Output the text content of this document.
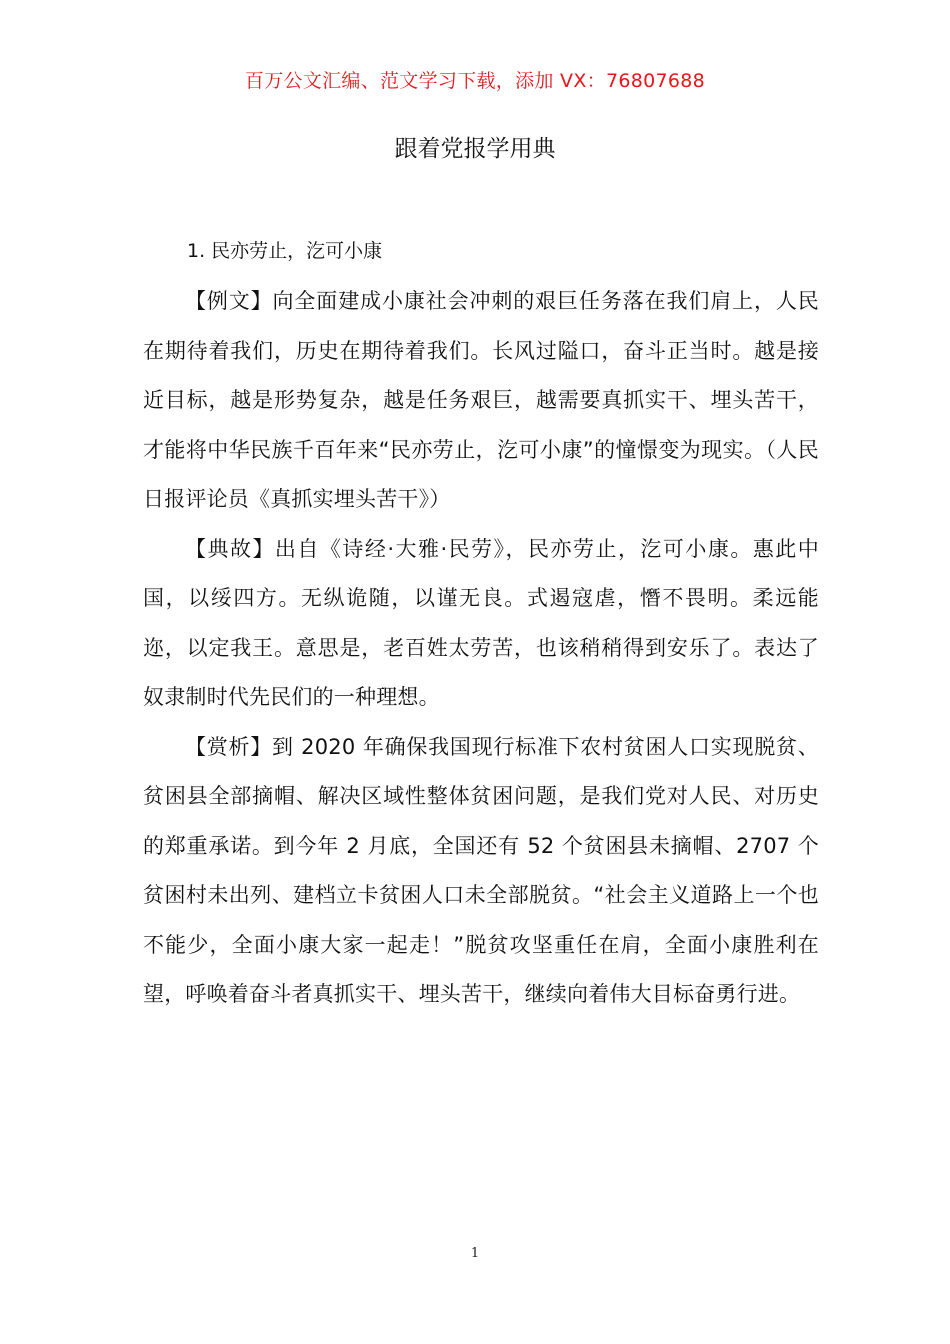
百万公文汇编、范文学习下载，添加 VX：76807688
跟着党报学用典
1. 民亦劳止，汔可小康

【例文】向全面建成小康社会冲刺的艰巨任务落在我们肩上，人民在期待着我们，历史在期待着我们。长风过隘口，奋斗正当时。越是接近目标，越是形势复杂，越是任务艰巨，越需要真抓实干、埋头苦干，才能将中华民族千百年来“民亦劳止，汔可小康”的憧憬变为现实。（人民日报评论员《真抓实埋头苦干》）

【典故】出自《诗经·大雅·民劳》，民亦劳止，汔可小康。惠此中国，以绥四方。无纵诡随，以谨无良。式遏寇虐，憯不畏明。柔远能迩，以定我王。意思是，老百姓太劳苦，也该稍稍得到安乐了。表达了奴隶制时代先民们的一种理想。

【赏析】到 2020 年确保我国现行标准下农村贫困人口实现脱贫、贫困县全部摘帽、解决区域性整体贫困问题，是我们党对人民、对历史的郑重承诺。到今年 2 月底，全国还有 52 个贫困县未摘帽、2707 个贫困村未出列、建档立卡贫困人口未全部脱贫。“社会主义道路上一个也不能少，全面小康大家一起走！”脱贫攻坚重任在肩，全面小康胜利在望，呼唤着奋斗者真抓实干、埋头苦干，继续向着伟大目标奋勇行进。

1
